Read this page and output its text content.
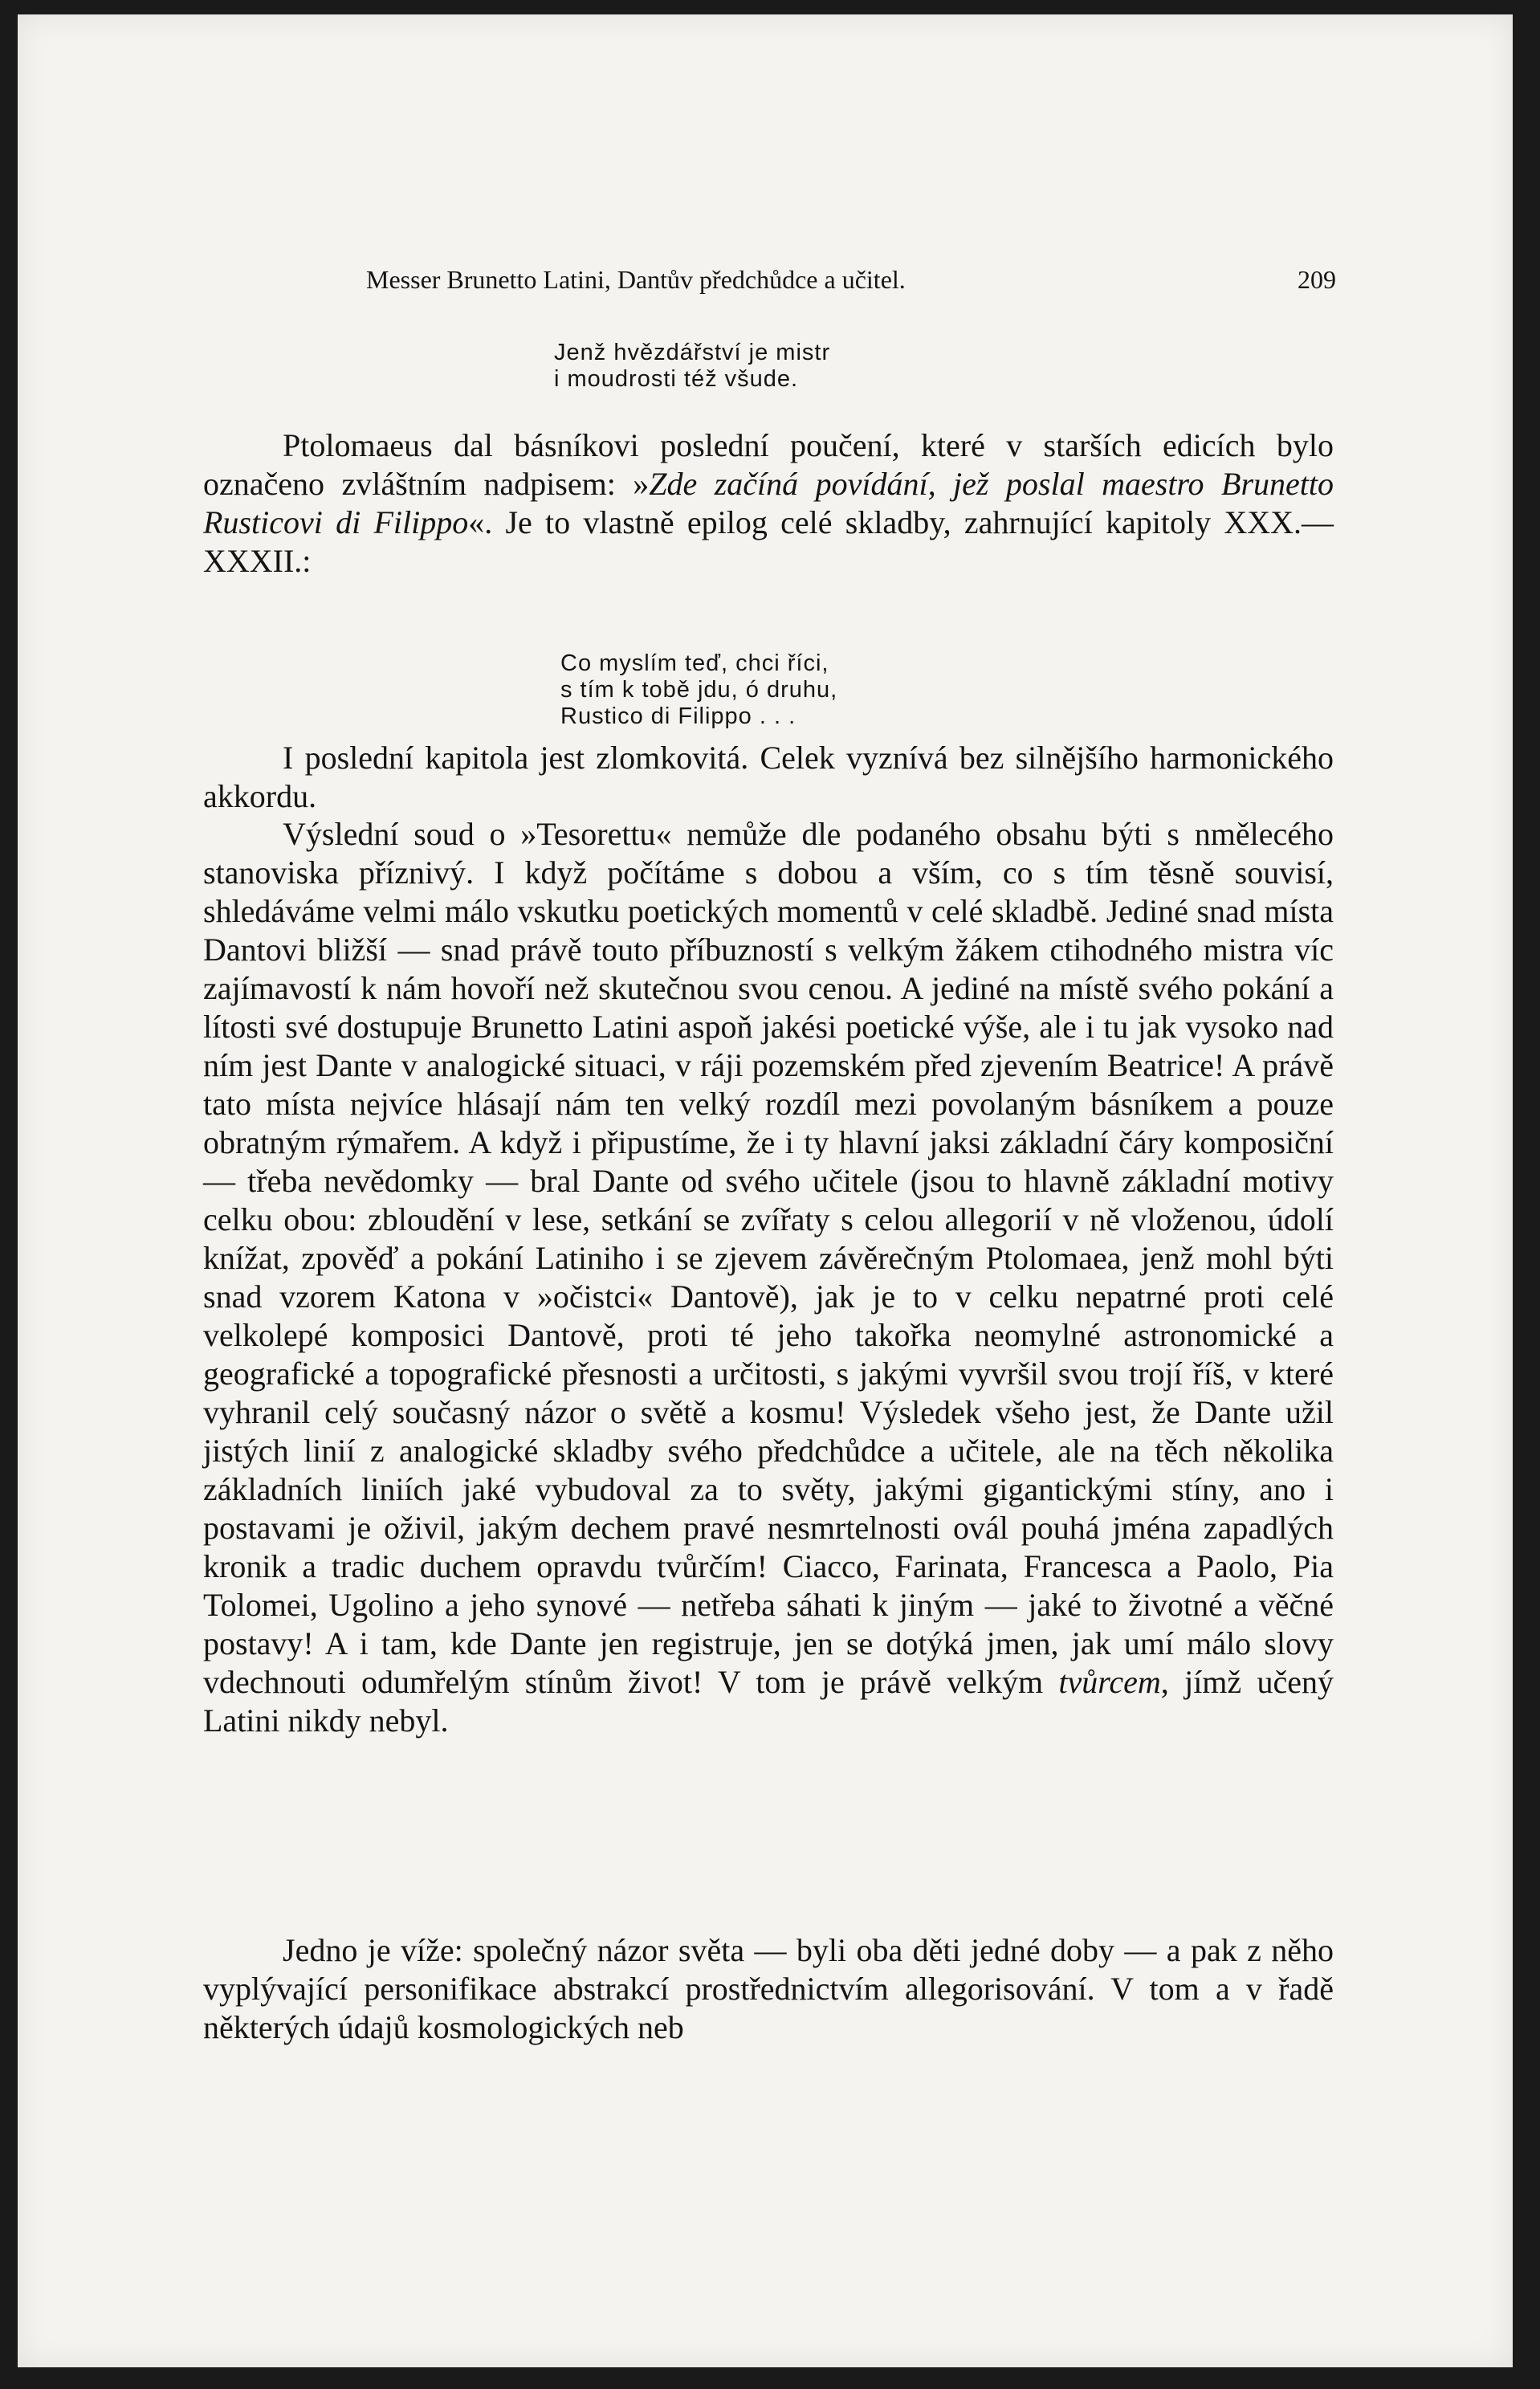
Messer Brunetto Latini, Dantův předchůdce a učitel.	209
Jenž hvězdářství je mistr
i moudrosti též všude.

Ptolomaeus dal básníkovi poslední poučení, které v starších edicích bylo označeno zvláštním nadpisem: »Zde začíná povídání, jež poslal maestro Brunetto Rusticovi di Filippo«. Je to vlastně epilog celé skladby, zahrnující kapitoly XXX.—XXXII.:

Co myslím teď, chci říci,
s tím k tobě jdu, ó druhu,
Rustico di Filippo . . .

I poslední kapitola jest zlomkovitá. Celek vyznívá bez silnějšího harmonického akkordu.

Výslední soud o »Tesorettu« nemůže dle podaného obsahu býti s nmělecého stanoviska příznivý. I když počítáme s dobou a vším, co s tím těsně souvisí, shledáváme velmi málo vskutku poetických momentů v celé skladbě. Jediné snad místa Dantovi bližší — snad právě touto příbuzností s velkým žákem ctihodného mistra víc zajímavostí k nám hovoří než skutečnou svou cenou. A jediné na místě svého pokání a lítosti své dostupuje Brunetto Latini aspoň jakési poetické výše, ale i tu jak vysoko nad ním jest Dante v analogické situaci, v ráji pozemském před zjevením Beatrice! A právě tato místa nejvíce hlásají nám ten velký rozdíl mezi povolaným básníkem a pouze obratným rýmařem. A když i připustíme, že i ty hlavní jaksi základní čáry komposiční — třeba nevědomky — bral Dante od svého učitele (jsou to hlavně základní motivy celku obou: zbloudění v lese, setkání se zvířaty s celou allegorií v ně vloženou, údolí knížat, zpověď a pokání Latiniho i se zjevem závěrečným Ptolomaea, jenž mohl býti snad vzorem Katona v »očistci« Dantově), jak je to v celku nepatrné proti celé velkolepé komposici Dantově, proti té jeho takořka neomylné astronomické a geografické a topografické přesnosti a určitosti, s jakými vyvršil svou trojí říš, v které vyhranil celý současný názor o světě a kosmu! Výsledek všeho jest, že Dante užil jistých linií z analogické skladby svého předchůdce a učitele, ale na těch několika základních liniích jaké vybudoval za to světy, jakými gigantickými stíny, ano i postavami je oživil, jakým dechem pravé nesmrtelnosti ovál pouhá jména zapadlých kronik a tradic duchem opravdu tvůrčím! Ciacco, Farinata, Francesca a Paolo, Pia Tolomei, Ugolino a jeho synové — netřeba sáhati k jiným — jaké to životné a věčné postavy! A i tam, kde Dante jen registruje, jen se dotýká jmen, jak umí málo slovy vdechnouti odumřelým stínům život! V tom je právě velkým tvůrcem, jímž učený Latini nikdy nebyl.

Jedno je víže: společný názor světa — byli oba děti jedné doby — a pak z něho vyplývající personifikace abstrakcí prostřednictvím allegorisování. V tom a v řadě některých údajů kosmologických neb
